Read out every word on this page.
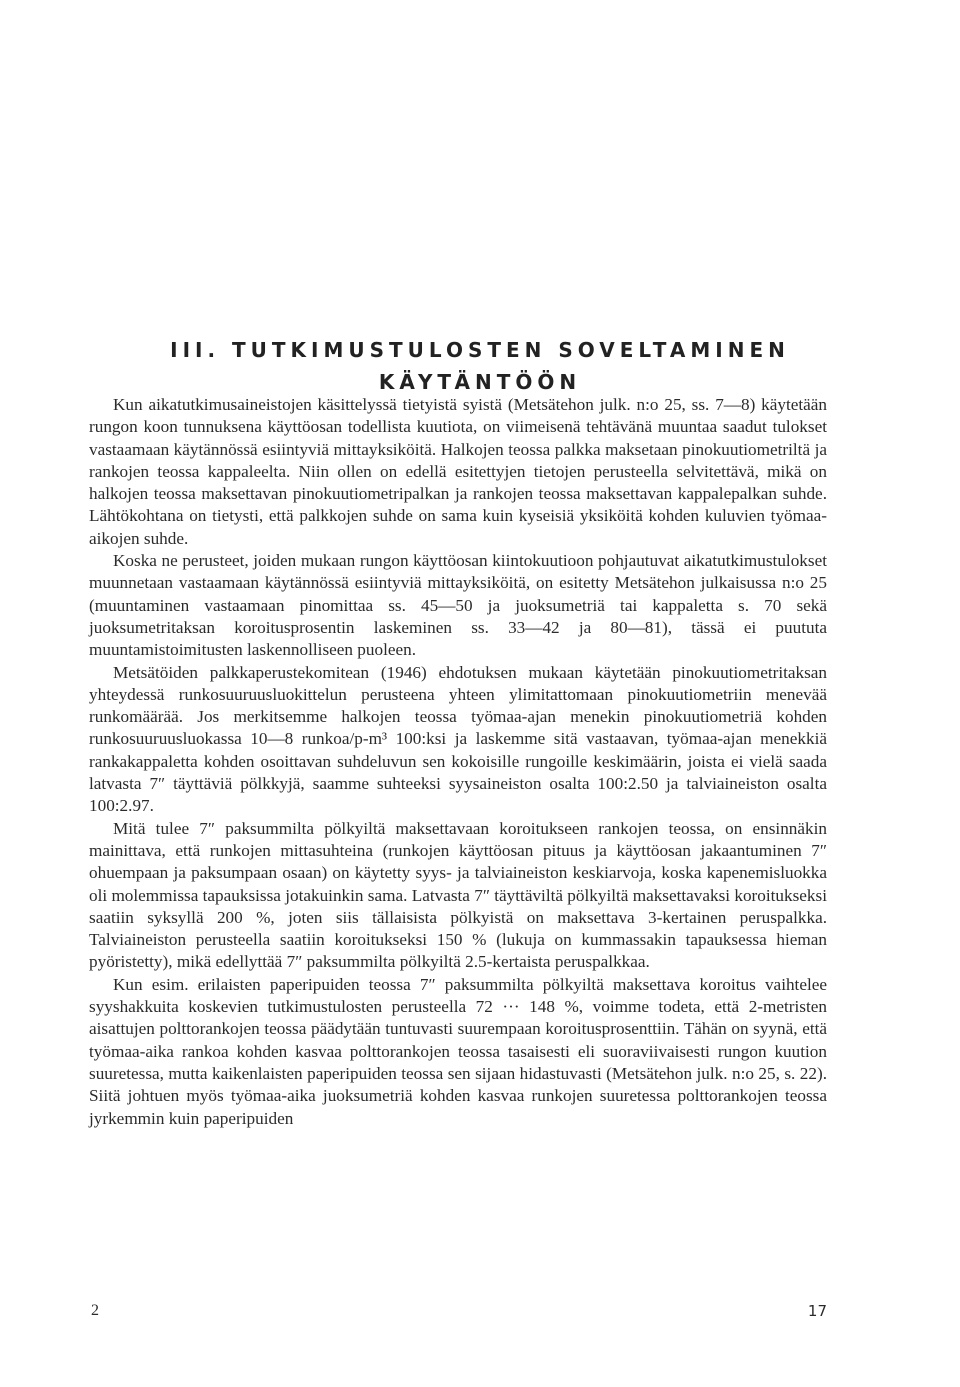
III. TUTKIMUSTULOSTEN SOVELTAMINEN
KÄYTÄNTÖÖN

Kun aikatutkimusaineistojen käsittelyssä tietyistä syistä (Metsätehon julk. n:o 25, ss. 7—8) käytetään rungon koon tunnuksena käyttöosan todellista kuutiota, on viimeisenä tehtävänä muuntaa saadut tulokset vastaamaan käytännössä esiintyviä mittayksiköitä. Halkojen teossa palkka maksetaan pinokuutiometriltä ja rankojen teossa kappaleelta. Niin ollen on edellä esitettyjen tietojen perusteella selvitettävä, mikä on halkojen teossa maksettavan pinokuutiometripalkan ja rankojen teossa maksettavan kappalepalkan suhde. Lähtökohtana on tietysti, että palkkojen suhde on sama kuin kyseisiä yksiköitä kohden kuluvien työmaa-aikojen suhde.

Koska ne perusteet, joiden mukaan rungon käyttöosan kiintokuutioon pohjautuvat aikatutkimustulokset muunnetaan vastaamaan käytännössä esiintyviä mittayksiköitä, on esitetty Metsätehon julkaisussa n:o 25 (muuntaminen vastaamaan pinomittaa ss. 45—50 ja juoksumetriä tai kappaletta s. 70 sekä juoksumetritaksan koroitusprosentin laskeminen ss. 33—42 ja 80—81), tässä ei puututa muuntamistoimitusten laskennolliseen puoleen.

Metsätöiden palkkaperustekomitean (1946) ehdotuksen mukaan käytetään pinokuutiometritaksan yhteydessä runkosuuruusluokittelun perusteena yhteen ylimitattomaan pinokuutiometriin menevää runkomäärää. Jos merkitsemme halkojen teossa työmaa-ajan menekin pinokuutiometriä kohden runkosuuruusluokassa 10—8 runkoa/p-m³ 100:ksi ja laskemme sitä vastaavan, työmaa-ajan menekkiä rankakappaletta kohden osoittavan suhdeluvun sen kokoisille rungoille keskimäärin, joista ei vielä saada latvasta 7″ täyttäviä pölkkyjä, saamme suhteeksi syysaineiston osalta 100:2.50 ja talviaineiston osalta 100:2.97.

Mitä tulee 7″ paksummilta pölkyiltä maksettavaan koroitukseen rankojen teossa, on ensinnäkin mainittava, että runkojen mittasuhteina (runkojen käyttöosan pituus ja käyttöosan jakaantuminen 7″ ohuempaan ja paksumpaan osaan) on käytetty syys- ja talviaineiston keskiarvoja, koska kapenemisluokka oli molemmissa tapauksissa jotakuinkin sama. Latvasta 7″ täyttäviltä pölkyiltä maksettavaksi koroitukseksi saatiin syksyllä 200 %, joten siis tällaisista pölkyistä on maksettava 3-kertainen peruspalkka. Talviaineiston perusteella saatiin koroitukseksi 150 % (lukuja on kummassakin tapauksessa hieman pyöristetty), mikä edellyttää 7″ paksummilta pölkyiltä 2.5-kertaista peruspalkkaa.

Kun esim. erilaisten paperipuiden teossa 7″ paksummilta pölkyiltä maksettava koroitus vaihtelee syyshakkuita koskevien tutkimustulosten perusteella 72 ··· 148 %, voimme todeta, että 2-metristen aisattujen polttorankojen teossa päädytään tuntuvasti suurempaan koroitusprosenttiin. Tähän on syynä, että työmaa-aika rankoa kohden kasvaa polttorankojen teossa tasaisesti eli suoraviivaisesti rungon kuution suuretessa, mutta kaikenlaisten paperipuiden teossa sen sijaan hidastuvasti (Metsätehon julk. n:o 25, s. 22). Siitä johtuen myös työmaa-aika juoksumetriä kohden kasvaa runkojen suuretessa polttorankojen teossa jyrkemmin kuin paperipuiden

2	17
